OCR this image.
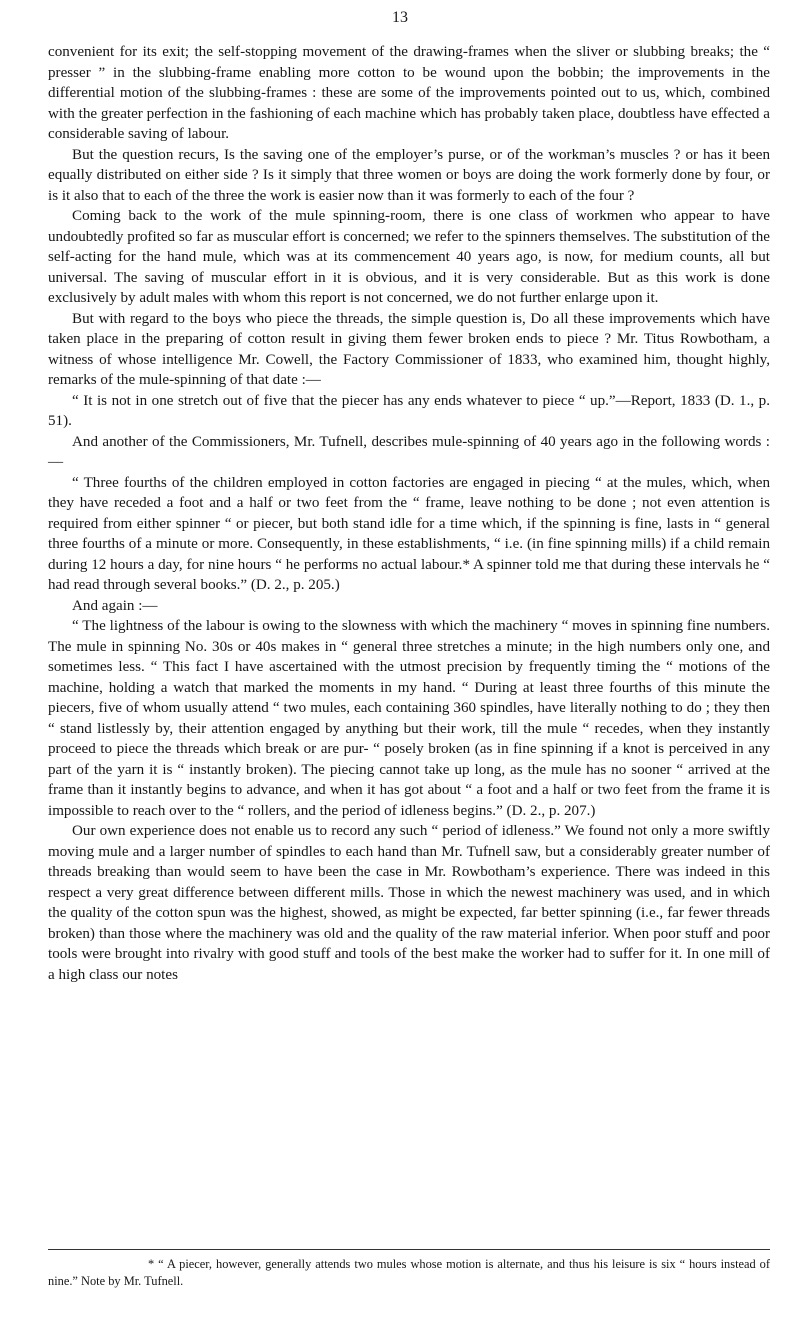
13

convenient for its exit; the self-stopping movement of the drawing-frames when the sliver or slubbing breaks; the “ presser ” in the slubbing-frame enabling more cotton to be wound upon the bobbin; the improvements in the differential motion of the slubbing-frames : these are some of the improvements pointed out to us, which, combined with the greater perfection in the fashioning of each machine which has probably taken place, doubtless have effected a considerable saving of labour.

But the question recurs, Is the saving one of the employer’s purse, or of the workman’s muscles ? or has it been equally distributed on either side ? Is it simply that three women or boys are doing the work formerly done by four, or is it also that to each of the three the work is easier now than it was formerly to each of the four ?

Coming back to the work of the mule spinning-room, there is one class of workmen who appear to have undoubtedly profited so far as muscular effort is concerned; we refer to the spinners themselves. The substitution of the self-acting for the hand mule, which was at its commencement 40 years ago, is now, for medium counts, all but universal. The saving of muscular effort in it is obvious, and it is very considerable. But as this work is done exclusively by adult males with whom this report is not concerned, we do not further enlarge upon it.

But with regard to the boys who piece the threads, the simple question is, Do all these improvements which have taken place in the preparing of cotton result in giving them fewer broken ends to piece ? Mr. Titus Rowbotham, a witness of whose intelligence Mr. Cowell, the Factory Commissioner of 1833, who examined him, thought highly, remarks of the mule-spinning of that date :—

“ It is not in one stretch out of five that the piecer has any ends whatever to piece “ up.”—Report, 1833 (D. 1., p. 51).

And another of the Commissioners, Mr. Tufnell, describes mule-spinning of 40 years ago in the following words :—

“ Three fourths of the children employed in cotton factories are engaged in piecing “ at the mules, which, when they have receded a foot and a half or two feet from the “ frame, leave nothing to be done ; not even attention is required from either spinner “ or piecer, but both stand idle for a time which, if the spinning is fine, lasts in “ general three fourths of a minute or more. Consequently, in these establishments, “ i.e. (in fine spinning mills) if a child remain during 12 hours a day, for nine hours “ he performs no actual labour.* A spinner told me that during these intervals he “ had read through several books.” (D. 2., p. 205.)

And again :—

“ The lightness of the labour is owing to the slowness with which the machinery “ moves in spinning fine numbers. The mule in spinning No. 30s or 40s makes in “ general three stretches a minute; in the high numbers only one, and sometimes less. “ This fact I have ascertained with the utmost precision by frequently timing the “ motions of the machine, holding a watch that marked the moments in my hand. “ During at least three fourths of this minute the piecers, five of whom usually attend “ two mules, each containing 360 spindles, have literally nothing to do ; they then “ stand listlessly by, their attention engaged by anything but their work, till the mule “ recedes, when they instantly proceed to piece the threads which break or are pur- “ posely broken (as in fine spinning if a knot is perceived in any part of the yarn it is “ instantly broken). The piecing cannot take up long, as the mule has no sooner “ arrived at the frame than it instantly begins to advance, and when it has got about “ a foot and a half or two feet from the frame it is impossible to reach over to the “ rollers, and the period of idleness begins.” (D. 2., p. 207.)

Our own experience does not enable us to record any such “ period of idleness.” We found not only a more swiftly moving mule and a larger number of spindles to each hand than Mr. Tufnell saw, but a considerably greater number of threads breaking than would seem to have been the case in Mr. Rowbotham’s experience. There was indeed in this respect a very great difference between different mills. Those in which the newest machinery was used, and in which the quality of the cotton spun was the highest, showed, as might be expected, far better spinning (i.e., far fewer threads broken) than those where the machinery was old and the quality of the raw material inferior. When poor stuff and poor tools were brought into rivalry with good stuff and tools of the best make the worker had to suffer for it. In one mill of a high class our notes

* “ A piecer, however, generally attends two mules whose motion is alternate, and thus his leisure is six “ hours instead of nine.” Note by Mr. Tufnell.
